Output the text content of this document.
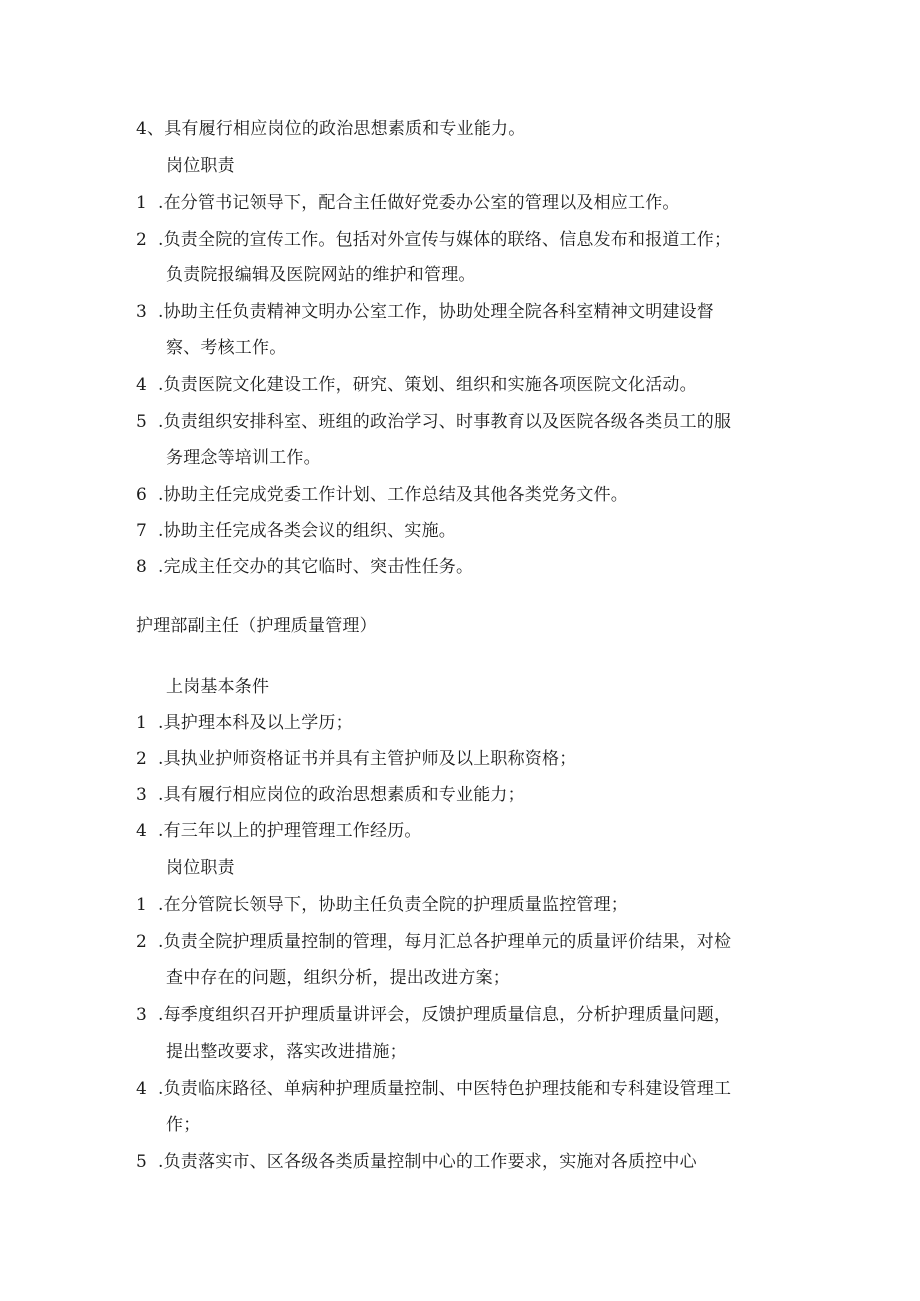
4、具有履行相应岗位的政治思想素质和专业能力。
岗位职责
1 .在分管书记领导下，配合主任做好党委办公室的管理以及相应工作。
2 .负责全院的宣传工作。包括对外宣传与媒体的联络、信息发布和报道工作；
负责院报编辑及医院网站的维护和管理。
3 .协助主任负责精神文明办公室工作，协助处理全院各科室精神文明建设督
察、考核工作。
4 .负责医院文化建设工作，研究、策划、组织和实施各项医院文化活动。
5 .负责组织安排科室、班组的政治学习、时事教育以及医院各级各类员工的服
务理念等培训工作。
6 .协助主任完成党委工作计划、工作总结及其他各类党务文件。
7 .协助主任完成各类会议的组织、实施。
8 .完成主任交办的其它临时、突击性任务。
护理部副主任（护理质量管理）
上岗基本条件
1 .具护理本科及以上学历；
2 .具执业护师资格证书并具有主管护师及以上职称资格；
3 .具有履行相应岗位的政治思想素质和专业能力；
4 .有三年以上的护理管理工作经历。
岗位职责
1 .在分管院长领导下，协助主任负责全院的护理质量监控管理；
2 .负责全院护理质量控制的管理，每月汇总各护理单元的质量评价结果，对检
查中存在的问题，组织分析，提出改进方案；
3 .每季度组织召开护理质量讲评会，反馈护理质量信息，分析护理质量问题，
提出整改要求，落实改进措施；
4 .负责临床路径、单病种护理质量控制、中医特色护理技能和专科建设管理工
作；
5 .负责落实市、区各级各类质量控制中心的工作要求，实施对各质控中心
